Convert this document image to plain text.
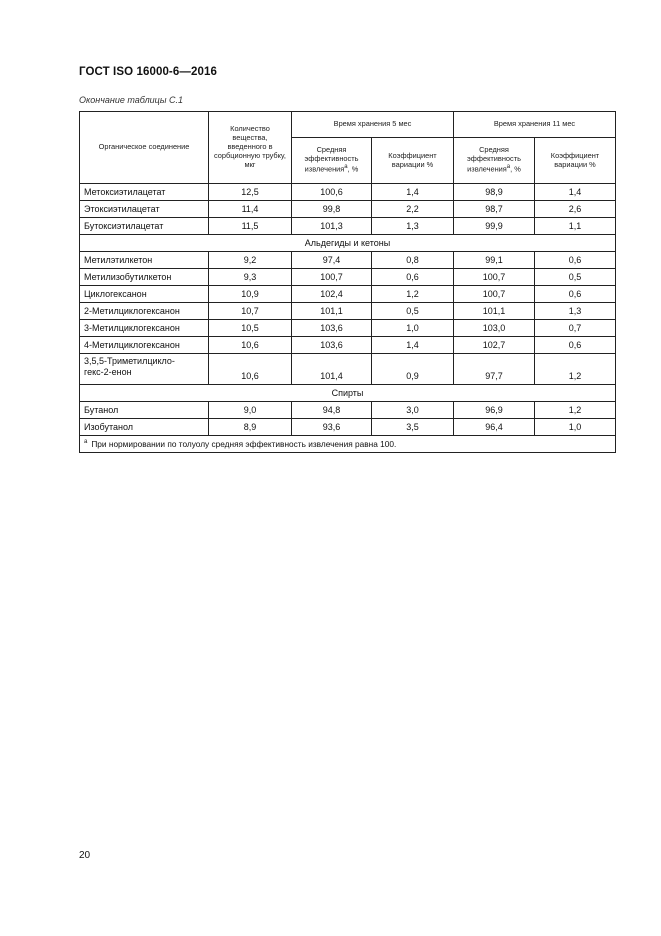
ГОСТ ISO 16000-6—2016
Окончание таблицы С.1
Органическое соединение	Количество вещества, введенного в сорбционную трубку, мкг	Время хранения 5 мес		Время хранения 11 мес	
		Средняя эффективность извлечения$^a$, %	Коэффициент вариации %	Средняя эффективность извлечения$^a$, %	Коэффициент вариации %
Метоксиэтилацетат	12,5	100,6	1,4	98,9	1,4
Этоксиэтилацетат	11,4	99,8	2,2	98,7	2,6
Бутоксиэтилацетат	11,5	101,3	1,3	99,9	1,1
Альдегиды и кетоны					
Метилэтилкетон	9,2	97,4	0,8	99,1	0,6
Метилизобутилкетон	9,3	100,7	0,6	100,7	0,5
Циклогексанон	10,9	102,4	1,2	100,7	0,6
2-Метилциклогексанон	10,7	101,1	0,5	101,1	1,3
3-Метилциклогексанон	10,5	103,6	1,0	103,0	0,7
4-Метилциклогексанон	10,6	103,6	1,4	102,7	0,6
3,5,5-Триметилцикло-
гекс-2-енон	10,6	101,4	0,9	97,7	1,2
Спирты					
Бутанол	9,0	94,8	3,0	96,9	1,2
Изобутанол	8,9	93,6	3,5	96,4	1,0
$^a$ При нормировании по толуолу средняя эффективность извлечения равна 100.					
20
